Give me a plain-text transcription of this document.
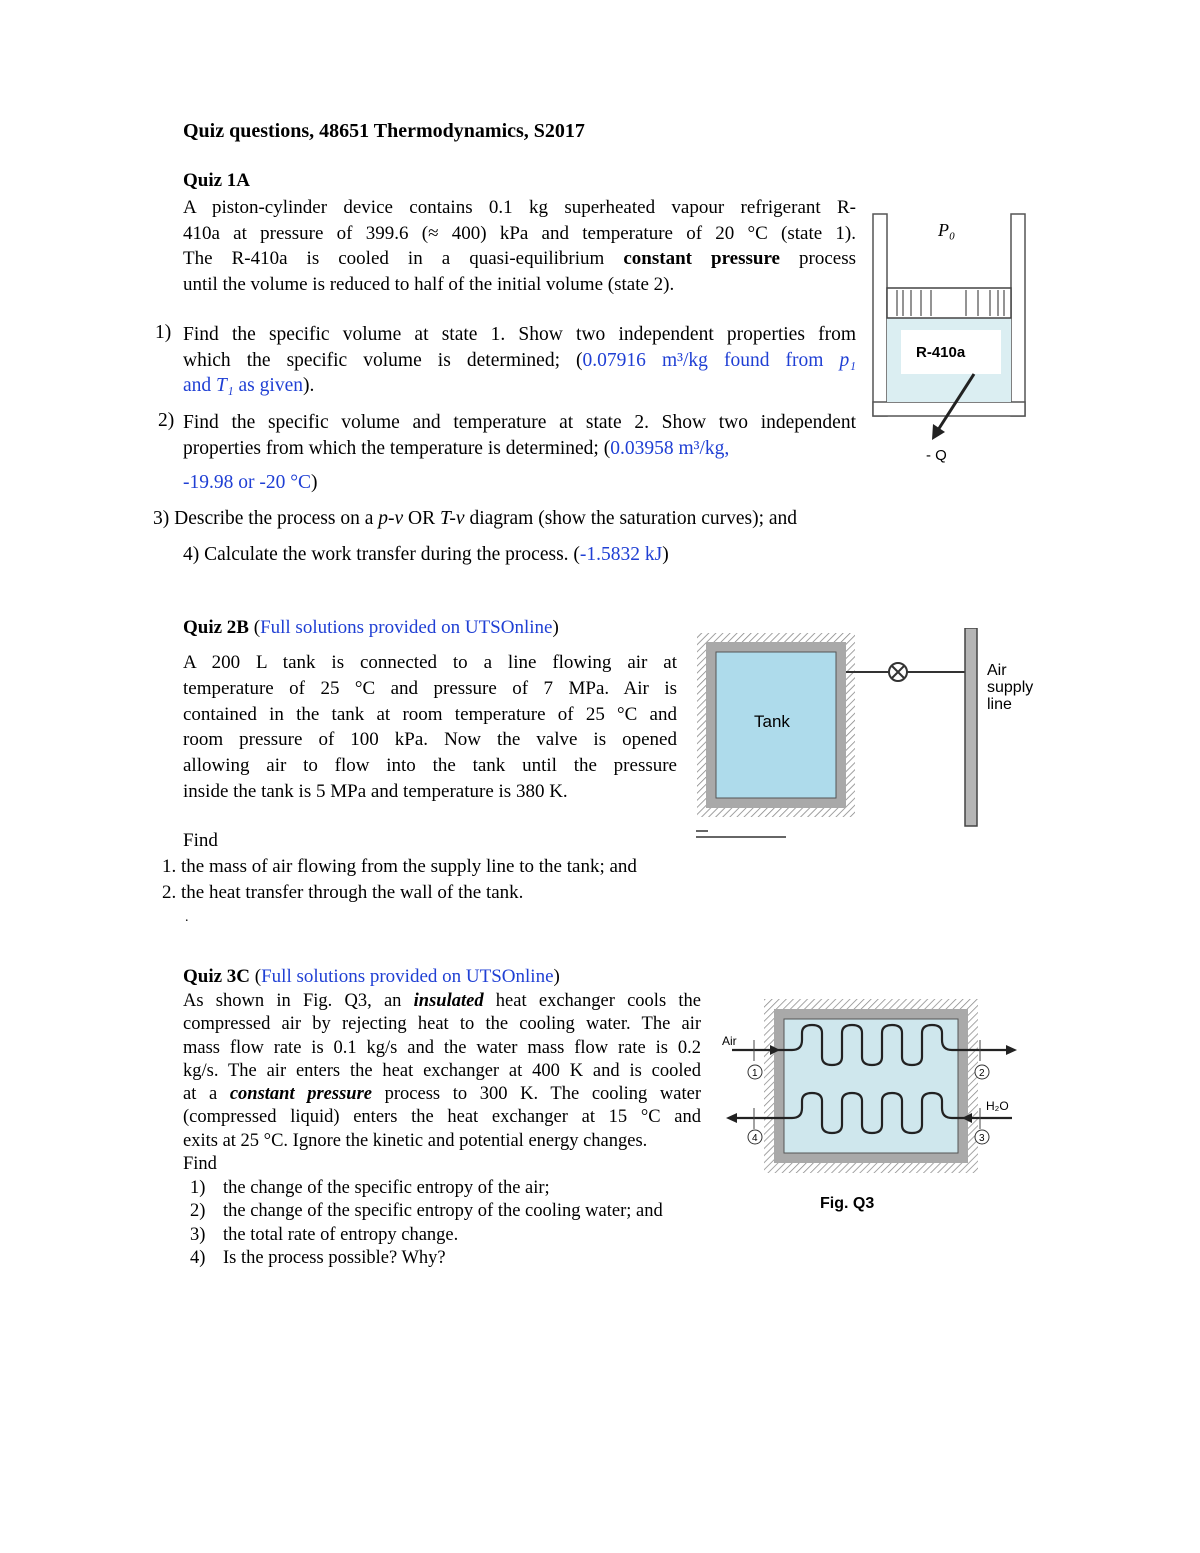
Quiz questions, 48651 Thermodynamics, S2017
Quiz 1A
A piston-cylinder device contains 0.1 kg superheated vapour refrigerant R-
410a at pressure of 399.6 (≈ 400) kPa and temperature of 20 °C (state 1).
The R-410a is cooled in a quasi-equilibrium constant pressure process
until the volume is reduced to half of the initial volume (state 2).
1) Find the specific volume at state 1. Show two independent properties from
which the specific volume is determined; (0.07916 m³/kg found from p₁
and T₁ as given).
2) Find the specific volume and temperature at state 2. Show two independent
properties from which the temperature is determined; (0.03958 m³/kg,
-19.98 or -20 °C)
3) Describe the process on a p-v OR T-v diagram (show the saturation curves); and
4) Calculate the work transfer during the process. (-1.5832 kJ)
R-410a
P₀
- Q
Quiz 2B (Full solutions provided on UTSOnline)
A 200 L tank is connected to a line flowing air at
temperature of 25 °C and pressure of 7 MPa. Air is
contained in the tank at room temperature of 25 °C and
room pressure of 100 kPa. Now the valve is opened
allowing air to flow into the tank until the pressure
inside the tank is 5 MPa and temperature is 380 K.
Find
1. the mass of air flowing from the supply line to the tank; and
2. the heat transfer through the wall of the tank.
.
Tank
Air
supply
line
Quiz 3C (Full solutions provided on UTSOnline)
As shown in Fig. Q3, an insulated heat exchanger cools the
compressed air by rejecting heat to the cooling water. The air
mass flow rate is 0.1 kg/s and the water mass flow rate is 0.2
kg/s. The air enters the heat exchanger at 400 K and is cooled
at a constant pressure process to 300 K. The cooling water
(compressed liquid) enters the heat exchanger at 15 °C and
exits at 25 °C. Ignore the kinetic and potential energy changes.
Find
1) the change of the specific entropy of the air;
2) the change of the specific entropy of the cooling water; and
3) the total rate of entropy change.
4) Is the process possible? Why?
1	2
3
4
Air
H₂O
Fig. Q3
